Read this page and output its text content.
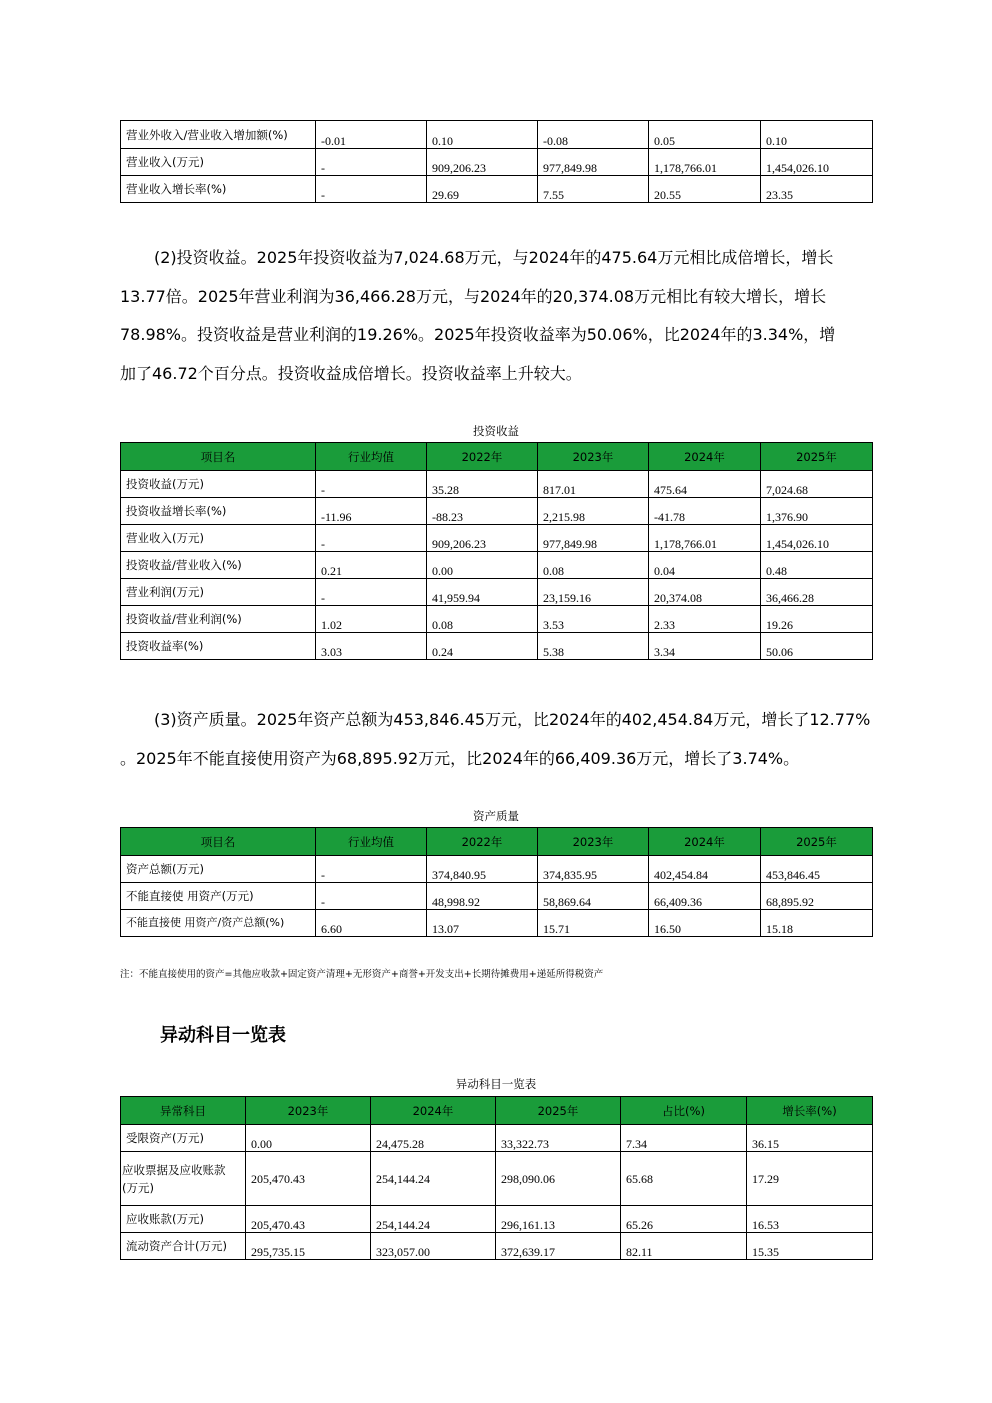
营业外收入/营业收入增加额(%)	-0.01	0.10	-0.08	0.05	0.10
营业收入(万元)	-	909,206.23	977,849.98	1,178,766.01	1,454,026.10
营业收入增长率(%)	-	29.69	7.55	20.55	23.35
(2)投资收益。2025年投资收益为7,024.68万元，与2024年的475.64万元相比成倍增长，增长
13.77倍。2025年营业利润为36,466.28万元，与2024年的20,374.08万元相比有较大增长，增长
78.98%。投资收益是营业利润的19.26%。2025年投资收益率为50.06%，比2024年的3.34%，增
加了46.72个百分点。投资收益成倍增长。投资收益率上升较大。
投资收益
项目名	行业均值	2022年	2023年	2024年	2025年
投资收益(万元)	-	35.28	817.01	475.64	7,024.68
投资收益增长率(%)	-11.96	-88.23	2,215.98	-41.78	1,376.90
营业收入(万元)	-	909,206.23	977,849.98	1,178,766.01	1,454,026.10
投资收益/营业收入(%)	0.21	0.00	0.08	0.04	0.48
营业利润(万元)	-	41,959.94	23,159.16	20,374.08	36,466.28
投资收益/营业利润(%)	1.02	0.08	3.53	2.33	19.26
投资收益率(%)	3.03	0.24	5.38	3.34	50.06
(3)资产质量。2025年资产总额为453,846.45万元，比2024年的402,454.84万元，增长了12.77%
。2025年不能直接使用资产为68,895.92万元，比2024年的66,409.36万元，增长了3.74%。
资产质量
项目名	行业均值	2022年	2023年	2024年	2025年
资产总额(万元)	-	374,840.95	374,835.95	402,454.84	453,846.45
不能直接使 用资产(万元)	-	48,998.92	58,869.64	66,409.36	68,895.92
不能直接使 用资产/资产总额(%)	6.60	13.07	15.71	16.50	15.18
注：不能直接使用的资产=其他应收款+固定资产清理+无形资产+商誉+开发支出+长期待摊费用+递延所得税资产
异动科目一览表
异动科目一览表
异常科目	2023年	2024年	2025年	占比(%)	增长率(%)
受限资产(万元)	0.00	24,475.28	33,322.73	7.34	36.15
应收票据及应收账款(万元)	205,470.43	254,144.24	298,090.06	65.68	17.29
应收账款(万元)	205,470.43	254,144.24	296,161.13	65.26	16.53
流动资产合计(万元)	295,735.15	323,057.00	372,639.17	82.11	15.35
